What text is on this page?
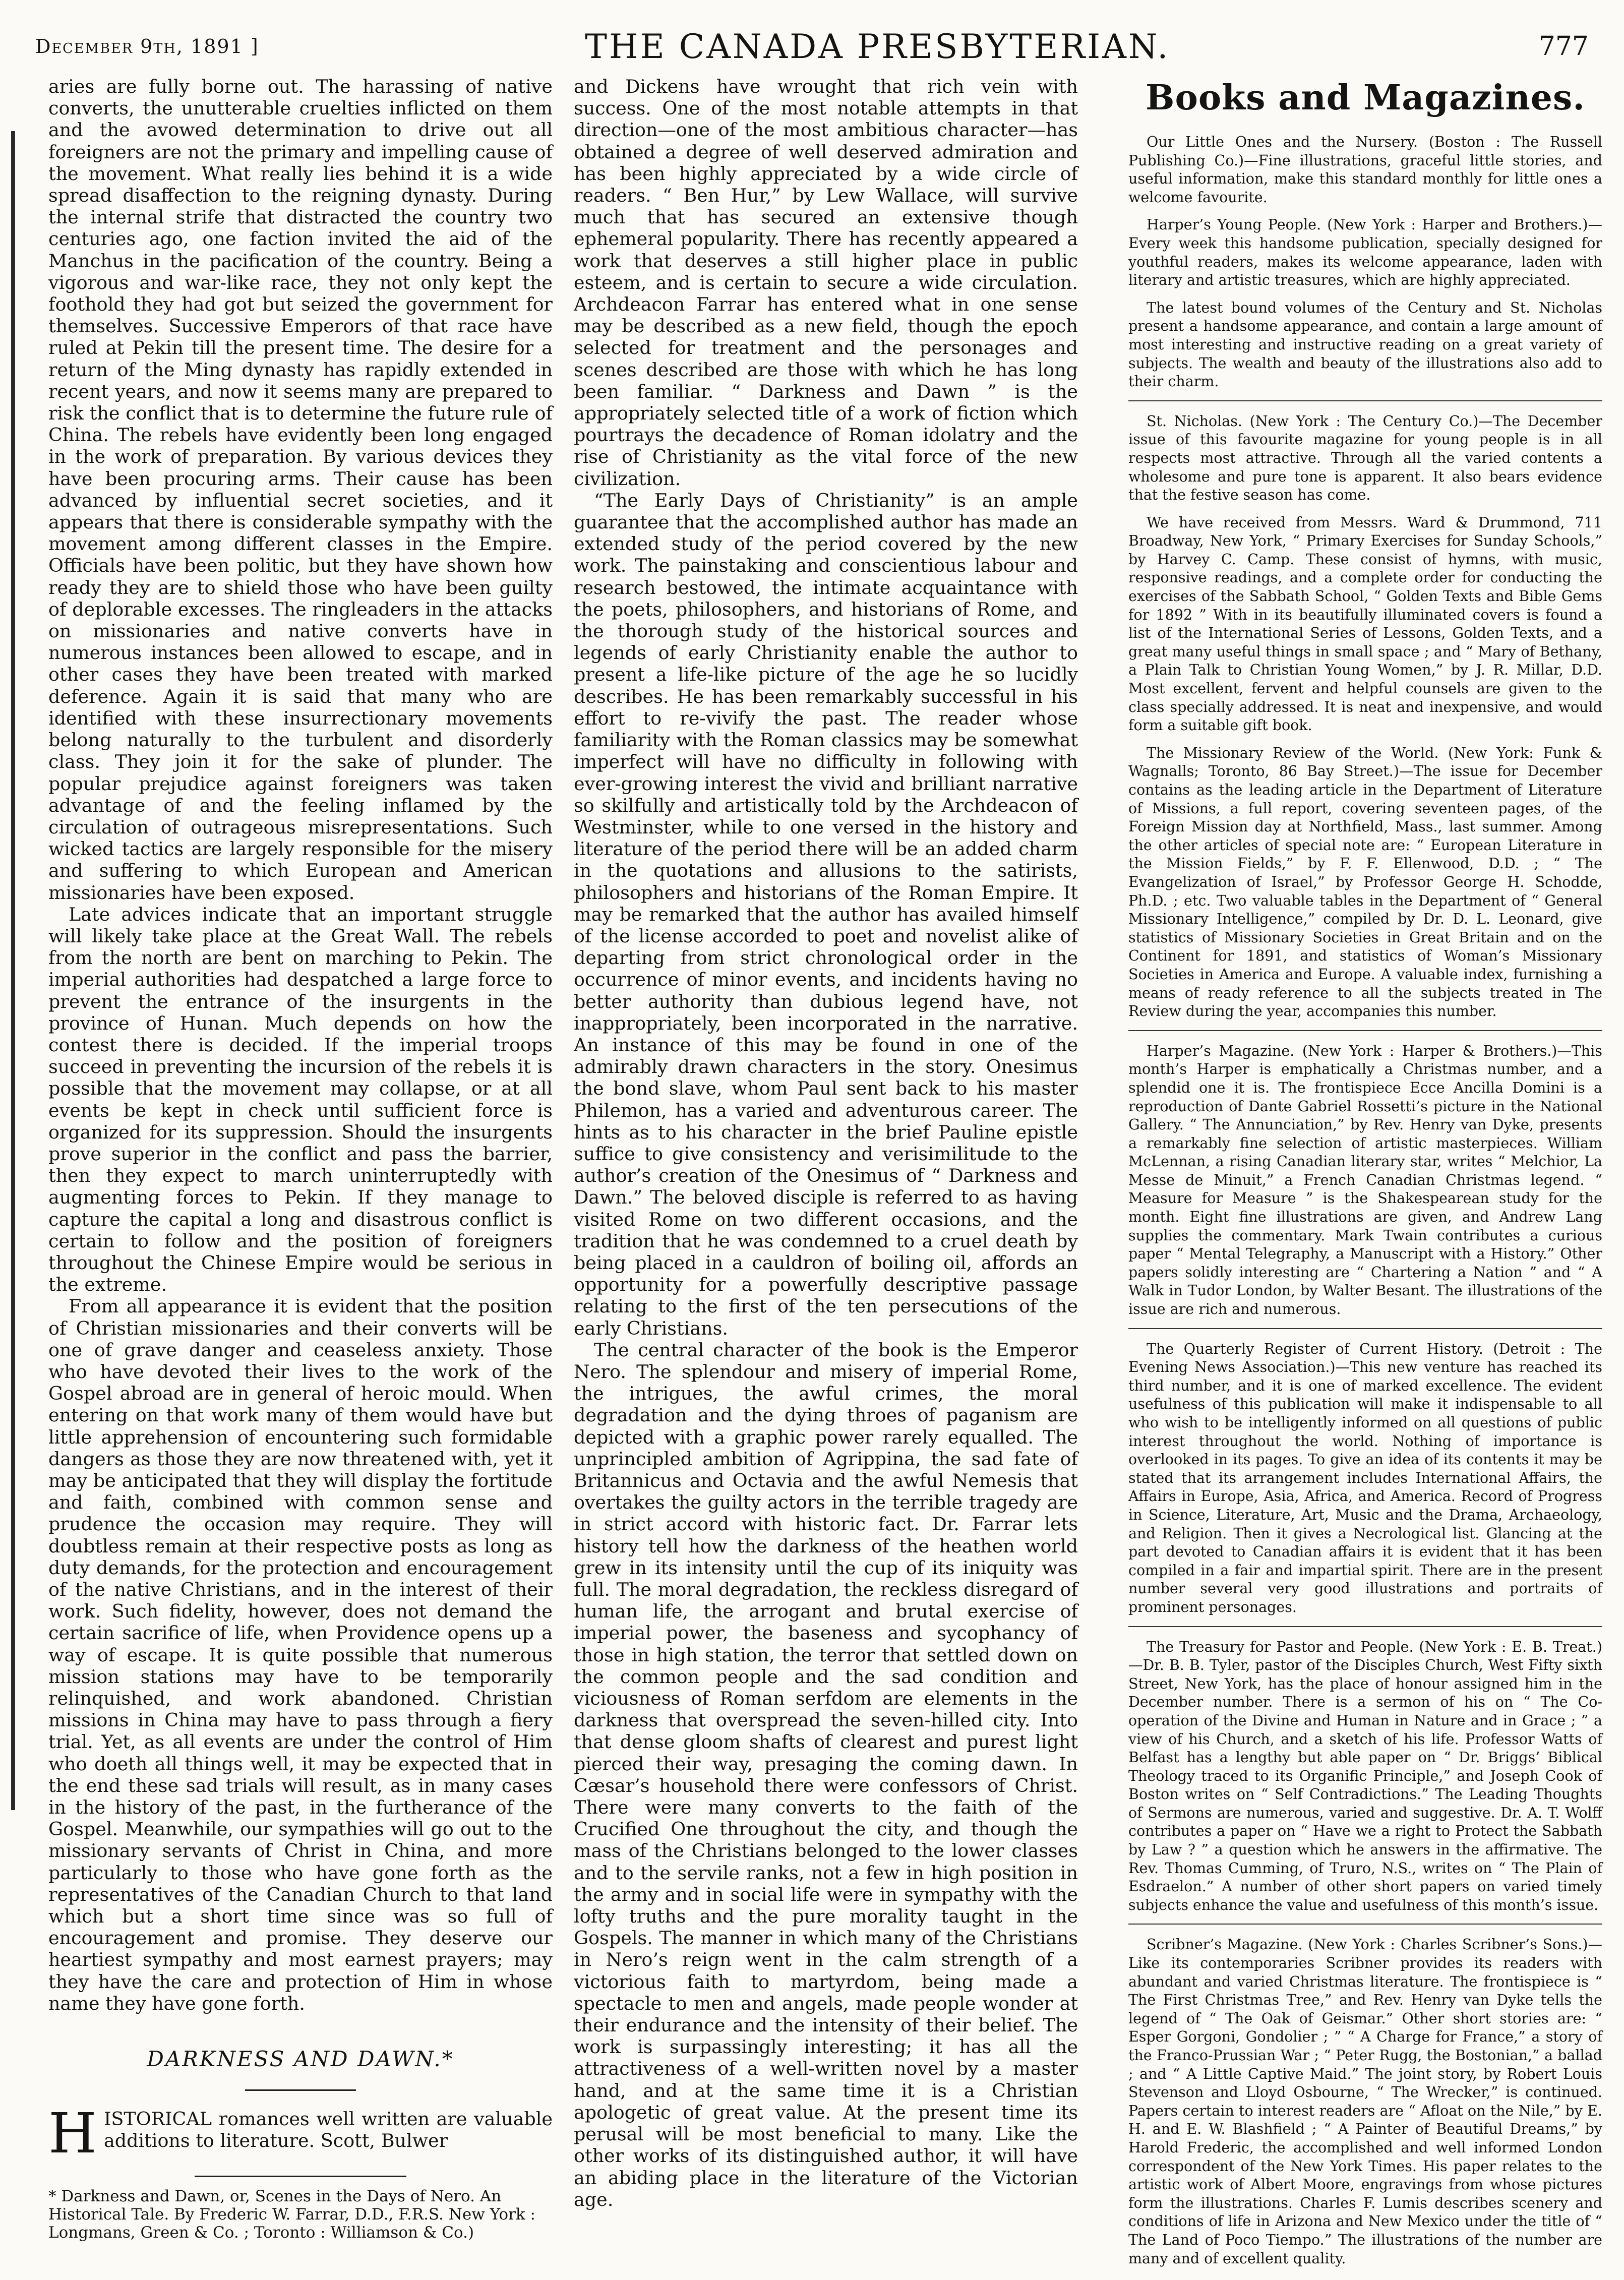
December 9th, 1891 ]	THE CANADA PRESBYTERIAN.	777

aries are fully borne out. The harassing of native converts, the unutterable cruelties inflicted on them and the avowed determination to drive out all foreigners are not the primary and impelling cause of the movement. What really lies behind it is a wide spread disaffection to the reigning dynasty. During the internal strife that distracted the country two centuries ago, one faction invited the aid of the Manchus in the pacification of the country. Being a vigorous and war-like race, they not only kept the foothold they had got but seized the government for themselves. Successive Emperors of that race have ruled at Pekin till the present time. The desire for a return of the Ming dynasty has rapidly extended in recent years, and now it seems many are prepared to risk the conflict that is to determine the future rule of China. The rebels have evidently been long engaged in the work of preparation. By various devices they have been procuring arms. Their cause has been advanced by influential secret societies, and it appears that there is considerable sympathy with the movement among different classes in the Empire. Officials have been politic, but they have shown how ready they are to shield those who have been guilty of deplorable excesses. The ringleaders in the attacks on missionaries and native converts have in numerous instances been allowed to escape, and in other cases they have been treated with marked deference. Again it is said that many who are identified with these insurrectionary movements belong naturally to the turbulent and disorderly class. They join it for the sake of plunder. The popular prejudice against foreigners was taken advantage of and the feeling inflamed by the circulation of outrageous misrepresentations. Such wicked tactics are largely responsible for the misery and suffering to which European and American missionaries have been exposed.

Late advices indicate that an important struggle will likely take place at the Great Wall. The rebels from the north are bent on marching to Pekin. The imperial authorities had despatched a large force to prevent the entrance of the insurgents in the province of Hunan. Much depends on how the contest there is decided. If the imperial troops succeed in preventing the incursion of the rebels it is possible that the movement may collapse, or at all events be kept in check until sufficient force is organized for its suppression. Should the insurgents prove superior in the conflict and pass the barrier, then they expect to march uninterruptedly with augmenting forces to Pekin. If they manage to capture the capital a long and disastrous conflict is certain to follow and the position of foreigners throughout the Chinese Empire would be serious in the extreme.

From all appearance it is evident that the position of Christian missionaries and their converts will be one of grave danger and ceaseless anxiety. Those who have devoted their lives to the work of the Gospel abroad are in general of heroic mould. When entering on that work many of them would have but little apprehension of encountering such formidable dangers as those they are now threatened with, yet it may be anticipated that they will display the fortitude and faith, combined with common sense and prudence the occasion may require. They will doubtless remain at their respective posts as long as duty demands, for the protection and encouragement of the native Christians, and in the interest of their work. Such fidelity, however, does not demand the certain sacrifice of life, when Providence opens up a way of escape. It is quite possible that numerous mission stations may have to be temporarily relinquished, and work abandoned. Christian missions in China may have to pass through a fiery trial. Yet, as all events are under the control of Him who doeth all things well, it may be expected that in the end these sad trials will result, as in many cases in the history of the past, in the furtherance of the Gospel. Meanwhile, our sympathies will go out to the missionary servants of Christ in China, and more particularly to those who have gone forth as the representatives of the Canadian Church to that land which but a short time since was so full of encouragement and promise. They deserve our heartiest sympathy and most earnest prayers; may they have the care and protection of Him in whose name they have gone forth.

DARKNESS AND DAWN.*

HISTORICAL romances well written are valuable additions to literature. Scott, Bulwer

* Darkness and Dawn, or, Scenes in the Days of Nero. An Historical Tale. By Frederic W. Farrar, D.D., F.R.S. New York : Longmans, Green & Co. ; Toronto : Williamson & Co.)

and Dickens have wrought that rich vein with success. One of the most notable attempts in that direction—one of the most ambitious character—has obtained a degree of well deserved admiration and has been highly appreciated by a wide circle of readers. “ Ben Hur,” by Lew Wallace, will survive much that has secured an extensive though ephemeral popularity. There has recently appeared a work that deserves a still higher place in public esteem, and is certain to secure a wide circulation. Archdeacon Farrar has entered what in one sense may be described as a new field, though the epoch selected for treatment and the personages and scenes described are those with which he has long been familiar. “ Darkness and Dawn ” is the appropriately selected title of a work of fiction which pourtrays the decadence of Roman idolatry and the rise of Christianity as the vital force of the new civilization.

“The Early Days of Christianity” is an ample guarantee that the accomplished author has made an extended study of the period covered by the new work. The painstaking and conscientious labour and research bestowed, the intimate acquaintance with the poets, philosophers, and historians of Rome, and the thorough study of the historical sources and legends of early Christianity enable the author to present a life-like picture of the age he so lucidly describes. He has been remarkably successful in his effort to re-vivify the past. The reader whose familiarity with the Roman classics may be somewhat imperfect will have no difficulty in following with ever-growing interest the vivid and brilliant narrative so skilfully and artistically told by the Archdeacon of Westminster, while to one versed in the history and literature of the period there will be an added charm in the quotations and allusions to the satirists, philosophers and historians of the Roman Empire. It may be remarked that the author has availed himself of the license accorded to poet and novelist alike of departing from strict chronological order in the occurrence of minor events, and incidents having no better authority than dubious legend have, not inappropriately, been incorporated in the narrative. An instance of this may be found in one of the admirably drawn characters in the story. Onesimus the bond slave, whom Paul sent back to his master Philemon, has a varied and adventurous career. The hints as to his character in the brief Pauline epistle suffice to give consistency and verisimilitude to the author’s creation of the Onesimus of “ Darkness and Dawn.” The beloved disciple is referred to as having visited Rome on two different occasions, and the tradition that he was condemned to a cruel death by being placed in a cauldron of boiling oil, affords an opportunity for a powerfully descriptive passage relating to the first of the ten persecutions of the early Christians.

The central character of the book is the Emperor Nero. The splendour and misery of imperial Rome, the intrigues, the awful crimes, the moral degradation and the dying throes of paganism are depicted with a graphic power rarely equalled. The unprincipled ambition of Agrippina, the sad fate of Britannicus and Octavia and the awful Nemesis that overtakes the guilty actors in the terrible tragedy are in strict accord with historic fact. Dr. Farrar lets history tell how the darkness of the heathen world grew in its intensity until the cup of its iniquity was full. The moral degradation, the reckless disregard of human life, the arrogant and brutal exercise of imperial power, the baseness and sycophancy of those in high station, the terror that settled down on the common people and the sad condition and viciousness of Roman serfdom are elements in the darkness that overspread the seven-hilled city. Into that dense gloom shafts of clearest and purest light pierced their way, presaging the coming dawn. In Cæsar’s household there were confessors of Christ. There were many converts to the faith of the Crucified One throughout the city, and though the mass of the Christians belonged to the lower classes and to the servile ranks, not a few in high position in the army and in social life were in sympathy with the lofty truths and the pure morality taught in the Gospels. The manner in which many of the Christians in Nero’s reign went in the calm strength of a victorious faith to martyrdom, being made a spectacle to men and angels, made people wonder at their endurance and the intensity of their belief. The work is surpassingly interesting; it has all the attractiveness of a well-written novel by a master hand, and at the same time it is a Christian apologetic of great value. At the present time its perusal will be most beneficial to many. Like the other works of its distinguished author, it will have an abiding place in the literature of the Victorian age.

Books and Magazines.

Our Little Ones and the Nursery. (Boston : The Russell Publishing Co.)—Fine illustrations, graceful little stories, and useful information, make this standard monthly for little ones a welcome favourite.

Harper’s Young People. (New York : Harper and Brothers.)—Every week this handsome publication, specially designed for youthful readers, makes its welcome appearance, laden with literary and artistic treasures, which are highly appreciated.

The latest bound volumes of the Century and St. Nicholas present a handsome appearance, and contain a large amount of most interesting and instructive reading on a great variety of subjects. The wealth and beauty of the illustrations also add to their charm.

St. Nicholas. (New York : The Century Co.)—The December issue of this favourite magazine for young people is in all respects most attractive. Through all the varied contents a wholesome and pure tone is apparent. It also bears evidence that the festive season has come.

We have received from Messrs. Ward & Drummond, 711 Broadway, New York, “ Primary Exercises for Sunday Schools,” by Harvey C. Camp. These consist of hymns, with music, responsive readings, and a complete order for conducting the exercises of the Sabbath School, “ Golden Texts and Bible Gems for 1892 ” With in its beautifully illuminated covers is found a list of the International Series of Lessons, Golden Texts, and a great many useful things in small space ; and “ Mary of Bethany, a Plain Talk to Christian Young Women,” by J. R. Millar, D.D. Most excellent, fervent and helpful counsels are given to the class specially addressed. It is neat and inexpensive, and would form a suitable gift book.

The Missionary Review of the World. (New York: Funk & Wagnalls; Toronto, 86 Bay Street.)—The issue for December contains as the leading article in the Department of Literature of Missions, a full report, covering seventeen pages, of the Foreign Mission day at Northfield, Mass., last summer. Among the other articles of special note are: “ European Literature in the Mission Fields,” by F. F. Ellenwood, D.D. ; “ The Evangelization of Israel,” by Professor George H. Schodde, Ph.D. ; etc. Two valuable tables in the Department of “ General Missionary Intelligence,” compiled by Dr. D. L. Leonard, give statistics of Missionary Societies in Great Britain and on the Continent for 1891, and statistics of Woman’s Missionary Societies in America and Europe. A valuable index, furnishing a means of ready reference to all the subjects treated in The Review during the year, accompanies this number.

Harper’s Magazine. (New York : Harper & Brothers.)—This month’s Harper is emphatically a Christmas number, and a splendid one it is. The frontispiece Ecce Ancilla Domini is a reproduction of Dante Gabriel Rossetti’s picture in the National Gallery. “ The Annunciation,” by Rev. Henry van Dyke, presents a remarkably fine selection of artistic masterpieces. William McLennan, a rising Canadian literary star, writes “ Melchior, La Messe de Minuit,” a French Canadian Christmas legend. “ Measure for Measure ” is the Shakespearean study for the month. Eight fine illustrations are given, and Andrew Lang supplies the commentary. Mark Twain contributes a curious paper “ Mental Telegraphy, a Manuscript with a History.” Other papers solidly interesting are “ Chartering a Nation ” and “ A Walk in Tudor London, by Walter Besant. The illustrations of the issue are rich and numerous.

The Quarterly Register of Current History. (Detroit : The Evening News Association.)—This new venture has reached its third number, and it is one of marked excellence. The evident usefulness of this publication will make it indispensable to all who wish to be intelligently informed on all questions of public interest throughout the world. Nothing of importance is overlooked in its pages. To give an idea of its contents it may be stated that its arrangement includes International Affairs, the Affairs in Europe, Asia, Africa, and America. Record of Progress in Science, Literature, Art, Music and the Drama, Archaeology, and Religion. Then it gives a Necrological list. Glancing at the part devoted to Canadian affairs it is evident that it has been compiled in a fair and impartial spirit. There are in the present number several very good illustrations and portraits of prominent personages.

The Treasury for Pastor and People. (New York : E. B. Treat.)—Dr. B. B. Tyler, pastor of the Disciples Church, West Fifty sixth Street, New York, has the place of honour assigned him in the December number. There is a sermon of his on “ The Co-operation of the Divine and Human in Nature and in Grace ; ” a view of his Church, and a sketch of his life. Professor Watts of Belfast has a lengthy but able paper on “ Dr. Briggs’ Biblical Theology traced to its Organific Principle,” and Joseph Cook of Boston writes on “ Self Contradictions.” The Leading Thoughts of Sermons are numerous, varied and suggestive. Dr. A. T. Wolff contributes a paper on “ Have we a right to Protect the Sabbath by Law ? ” a question which he answers in the affirmative. The Rev. Thomas Cumming, of Truro, N.S., writes on “ The Plain of Esdraelon.” A number of other short papers on varied timely subjects enhance the value and usefulness of this month’s issue.

Scribner’s Magazine. (New York : Charles Scribner’s Sons.)—Like its contemporaries Scribner provides its readers with abundant and varied Christmas literature. The frontispiece is “ The First Christmas Tree,” and Rev. Henry van Dyke tells the legend of “ The Oak of Geismar.” Other short stories are: “ Esper Gorgoni, Gondolier ; ” “ A Charge for France,” a story of the Franco-Prussian War ; “ Peter Rugg, the Bostonian,” a ballad ; and “ A Little Captive Maid.” The joint story, by Robert Louis Stevenson and Lloyd Osbourne, “ The Wrecker,” is continued. Papers certain to interest readers are “ Afloat on the Nile,” by E. H. and E. W. Blashfield ; “ A Painter of Beautiful Dreams,” by Harold Frederic, the accomplished and well informed London correspondent of the New York Times. His paper relates to the artistic work of Albert Moore, engravings from whose pictures form the illustrations. Charles F. Lumis describes scenery and conditions of life in Arizona and New Mexico under the title of “ The Land of Poco Tiempo.” The illustrations of the number are many and of excellent quality.
